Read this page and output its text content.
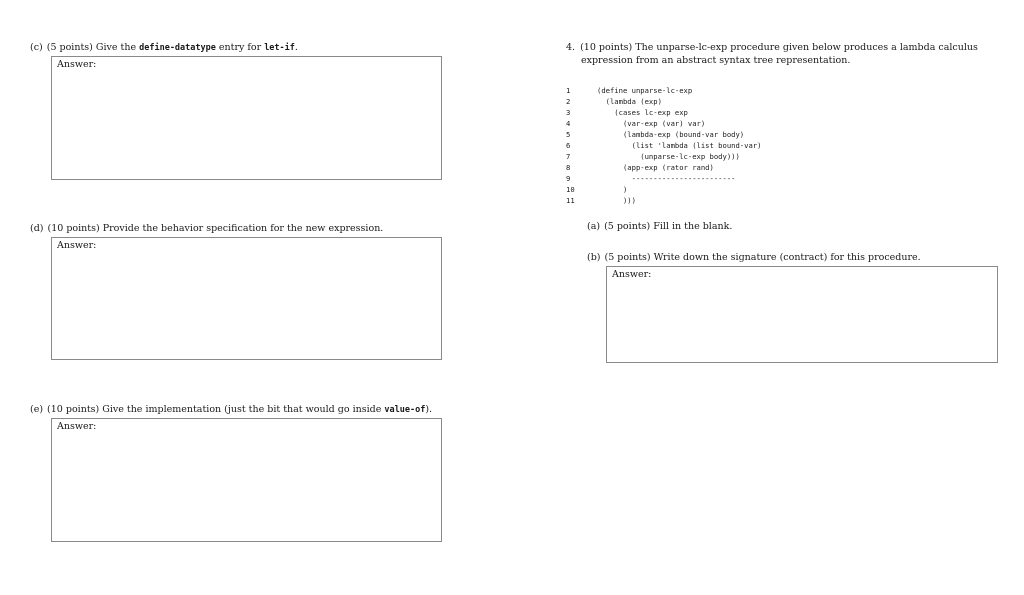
(c) (5 points) Give the define-datatype entry for let-if.
Answer:
(d) (10 points) Provide the behavior specification for the new expression.
Answer:
(e) (10 points) Give the implementation (just the bit that would go inside value-of).
Answer:
4. (10 points) The unparse-lc-exp procedure given below produces a lambda calculus
expression from an abstract syntax tree representation.
1	(define unparse-lc-exp
2	(lambda (exp)
3	(cases lc-exp exp
4	(var-exp (var) var)
5	(lambda-exp (bound-var body)
6	(list 'lambda (list bound-var)
7	(unparse-lc-exp body)))
8	(app-exp (rator rand)
9	------------------------
10	)
11	)))
(a) (5 points) Fill in the blank.
(b) (5 points) Write down the signature (contract) for this procedure.
Answer:
